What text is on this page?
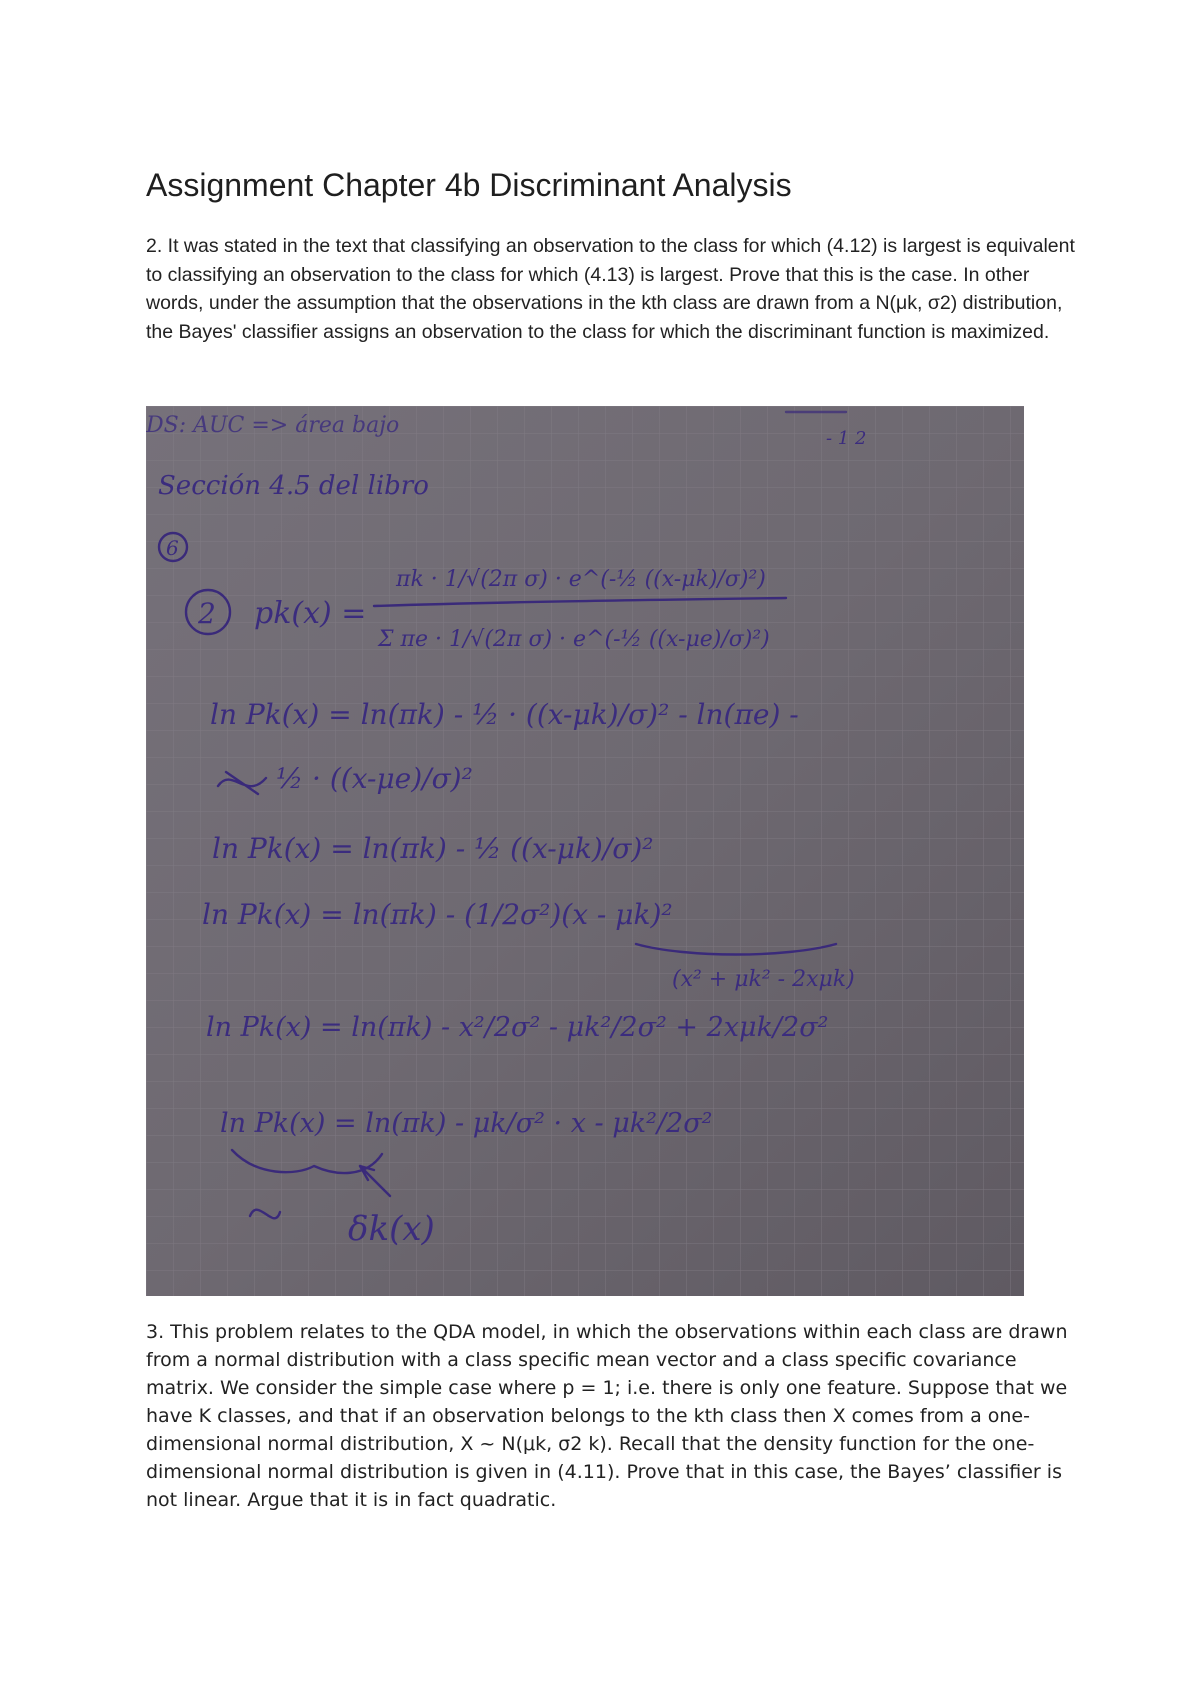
Assignment Chapter 4b Discriminant Analysis

2. It was stated in the text that classifying an observation to the class for which (4.12) is largest is equivalent to classifying an observation to the class for which (4.13) is largest. Prove that this is the case. In other words, under the assumption that the observations in the kth class are drawn from a N(μk, σ2) distribution, the Bayes' classifier assigns an observation to the class for which the discriminant function is maximized.

DS: AUC => área bajo
- 1 2
Sección 4.5 del libro
6
2 pk(x) =
πk · 1/√(2π σ) · e^(-½ ((x-μk)/σ)²)
Σ πe · 1/√(2π σ) · e^(-½ ((x-μe)/σ)²)
ln Pk(x) = ln(πk) - ½ · ((x-μk)/σ)² - ln(πe) -
½ · ((x-μe)/σ)²
ln Pk(x) = ln(πk) - ½ ((x-μk)/σ)²
ln Pk(x) = ln(πk) - (1/2σ²)(x - μk)²
(x² + μk² - 2xμk)
ln Pk(x) = ln(πk) - x²/2σ² - μk²/2σ² + 2xμk/2σ²
ln Pk(x) = ln(πk) - μk/σ² · x - μk²/2σ²
δk(x)

3. This problem relates to the QDA model, in which the observations within each class are drawn from a normal distribution with a class specific mean vector and a class specific covariance matrix. We consider the simple case where p = 1; i.e. there is only one feature. Suppose that we have K classes, and that if an observation belongs to the kth class then X comes from a one-dimensional normal distribution, X ~ N(μk, σ2 k). Recall that the density function for the one-dimensional normal distribution is given in (4.11). Prove that in this case, the Bayes’ classifier is not linear. Argue that it is in fact quadratic.
